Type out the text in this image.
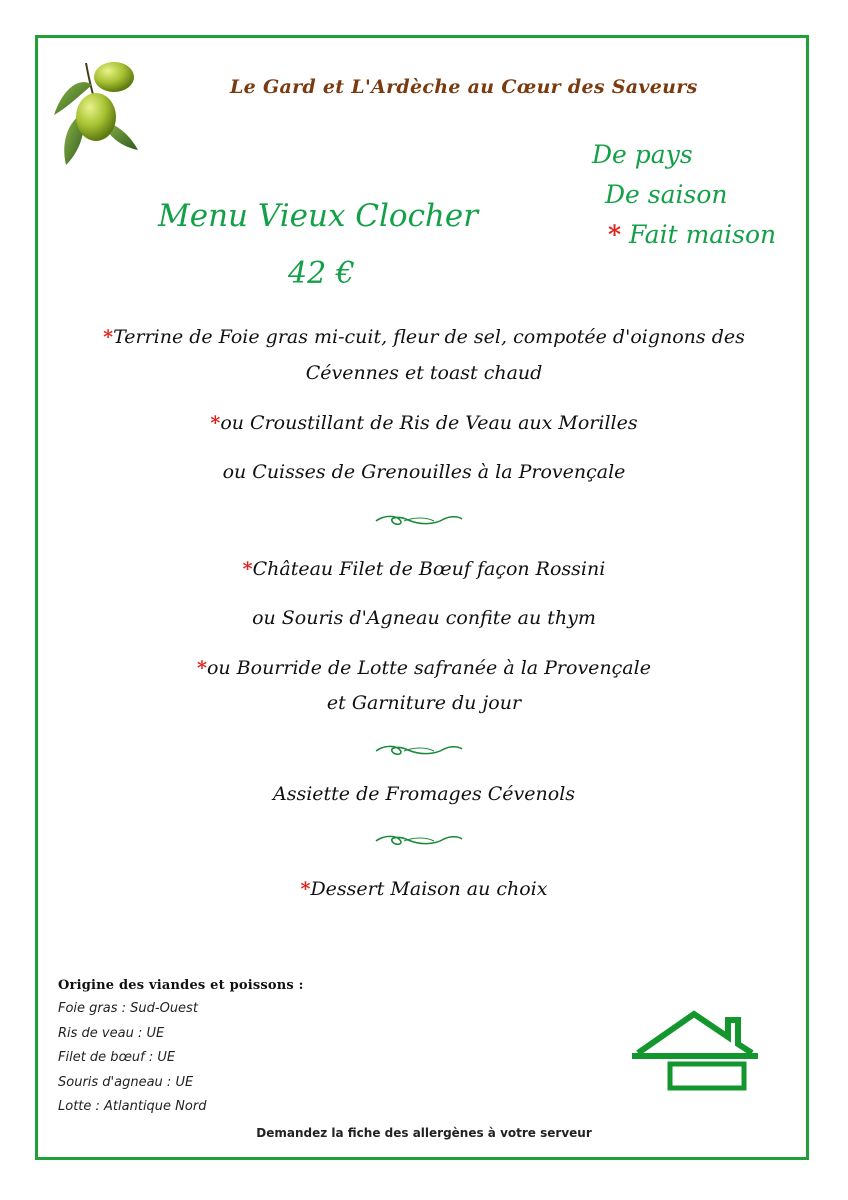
Le Gard et L'Ardèche au Cœur des Saveurs
Menu Vieux Clocher
42 €
De pays
De saison
* Fait maison
*Terrine de Foie gras mi-cuit, fleur de sel, compotée d'oignons des
Cévennes et toast chaud
*ou Croustillant de Ris de Veau aux Morilles
ou Cuisses de Grenouilles à la Provençale
*Château Filet de Bœuf façon Rossini
ou Souris d'Agneau confite au thym
*ou Bourride de Lotte safranée à la Provençale
et Garniture du jour
Assiette de Fromages Cévenols
*Dessert Maison au choix
Origine des viandes et poissons :
Foie gras : Sud-Ouest
Ris de veau : UE
Filet de bœuf : UE
Souris d'agneau : UE
Lotte : Atlantique Nord
Demandez la fiche des allergènes à votre serveur
